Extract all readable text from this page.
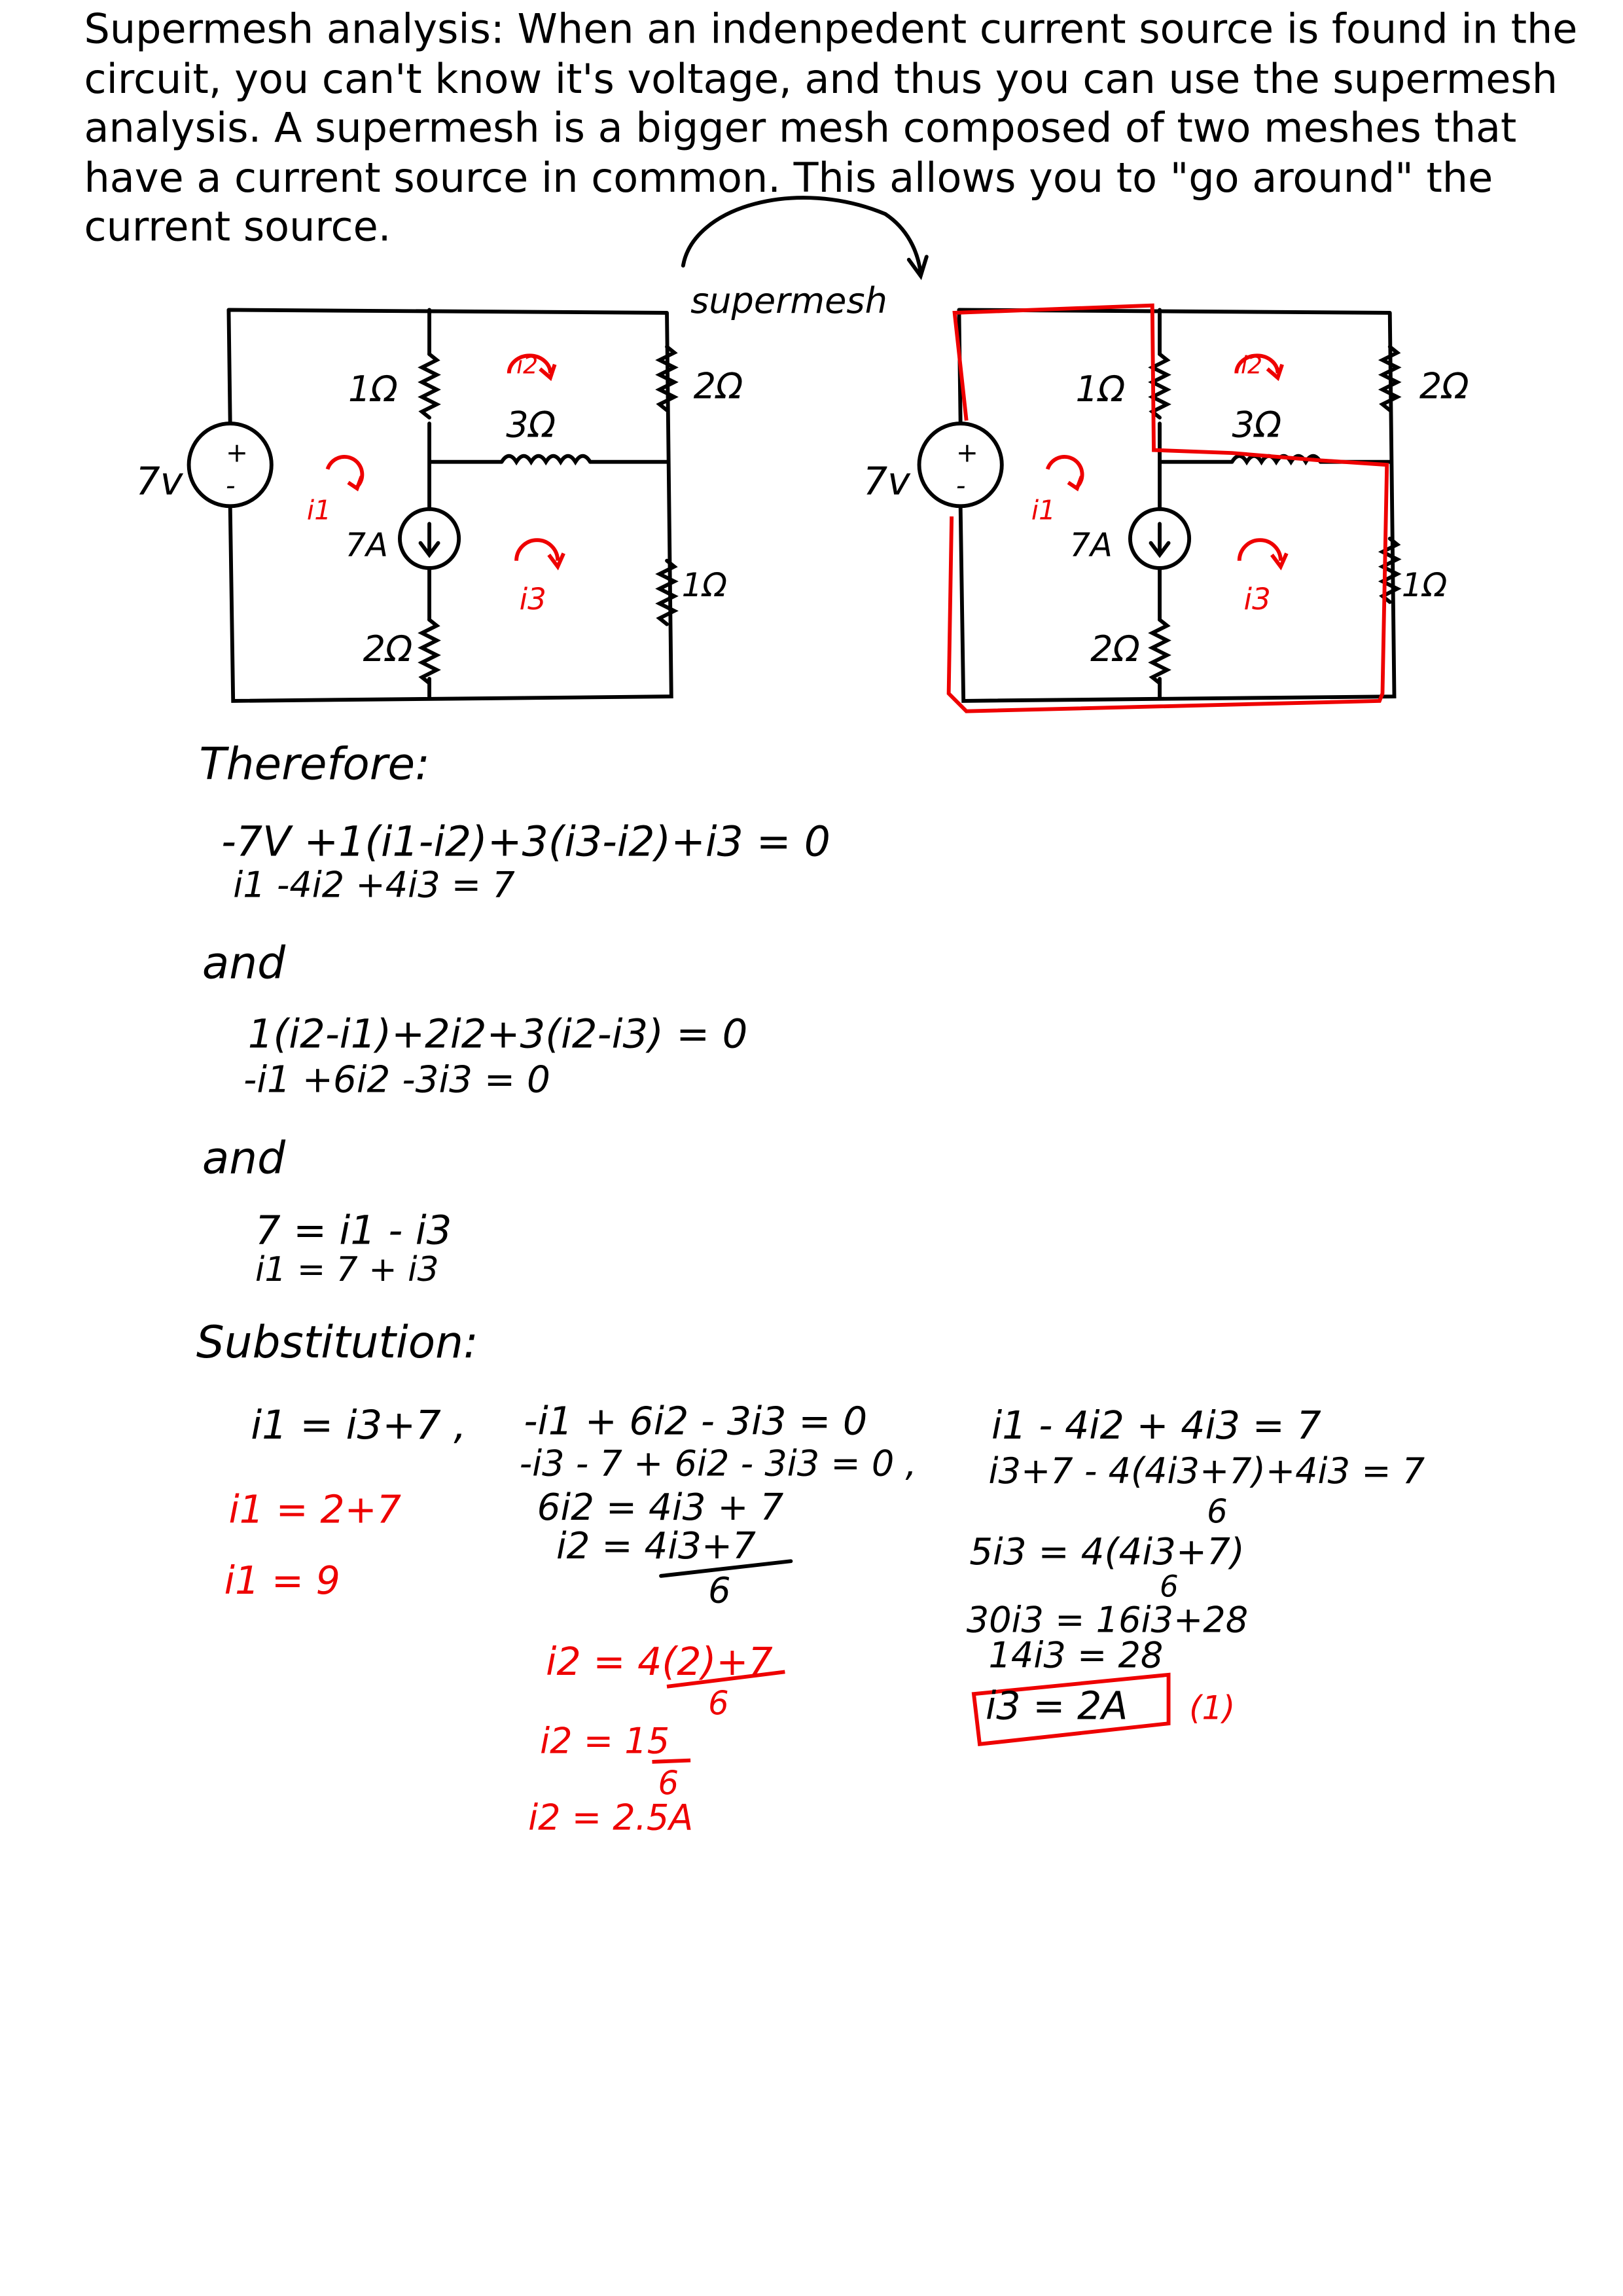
Supermesh analysis: When an indenpedent current source is found in the circuit, you can't know it's voltage, and thus you can use the supermesh analysis. A supermesh is a bigger mesh composed of two meshes that have a current source in common. This allows you to "go around" the current source.

supermesh
+
-
7v
7A
1Ω
3Ω
2Ω
2Ω
1Ω
i1
i2
i3
+
-
7v
7A
1Ω
3Ω
2Ω
2Ω
1Ω
i1
i2
i3
Therefore:
-7V +1(i1-i2)+3(i3-i2)+i3 = 0
i1 -4i2 +4i3 = 7
and
1(i2-i1)+2i2+3(i2-i3) = 0
-i1 +6i2 -3i3 = 0
and
7 = i1 - i3
i1 = 7 + i3
Substitution:
i1 = i3+7 ,
i1 = 2+7
i1 = 9
-i1 + 6i2 - 3i3 = 0
-i3 - 7 + 6i2 - 3i3 = 0 ,
6i2 = 4i3 + 7
i2 = 4i3+7
6
i2 = 4(2)+7
6
i2 = 15
6
i2 = 2.5A
i1 - 4i2 + 4i3 = 7
i3+7 - 4(4i3+7)+4i3 = 7
6
5i3 = 4(4i3+7)
6
30i3 = 16i3+28
14i3 = 28
i3 = 2A	(1)
